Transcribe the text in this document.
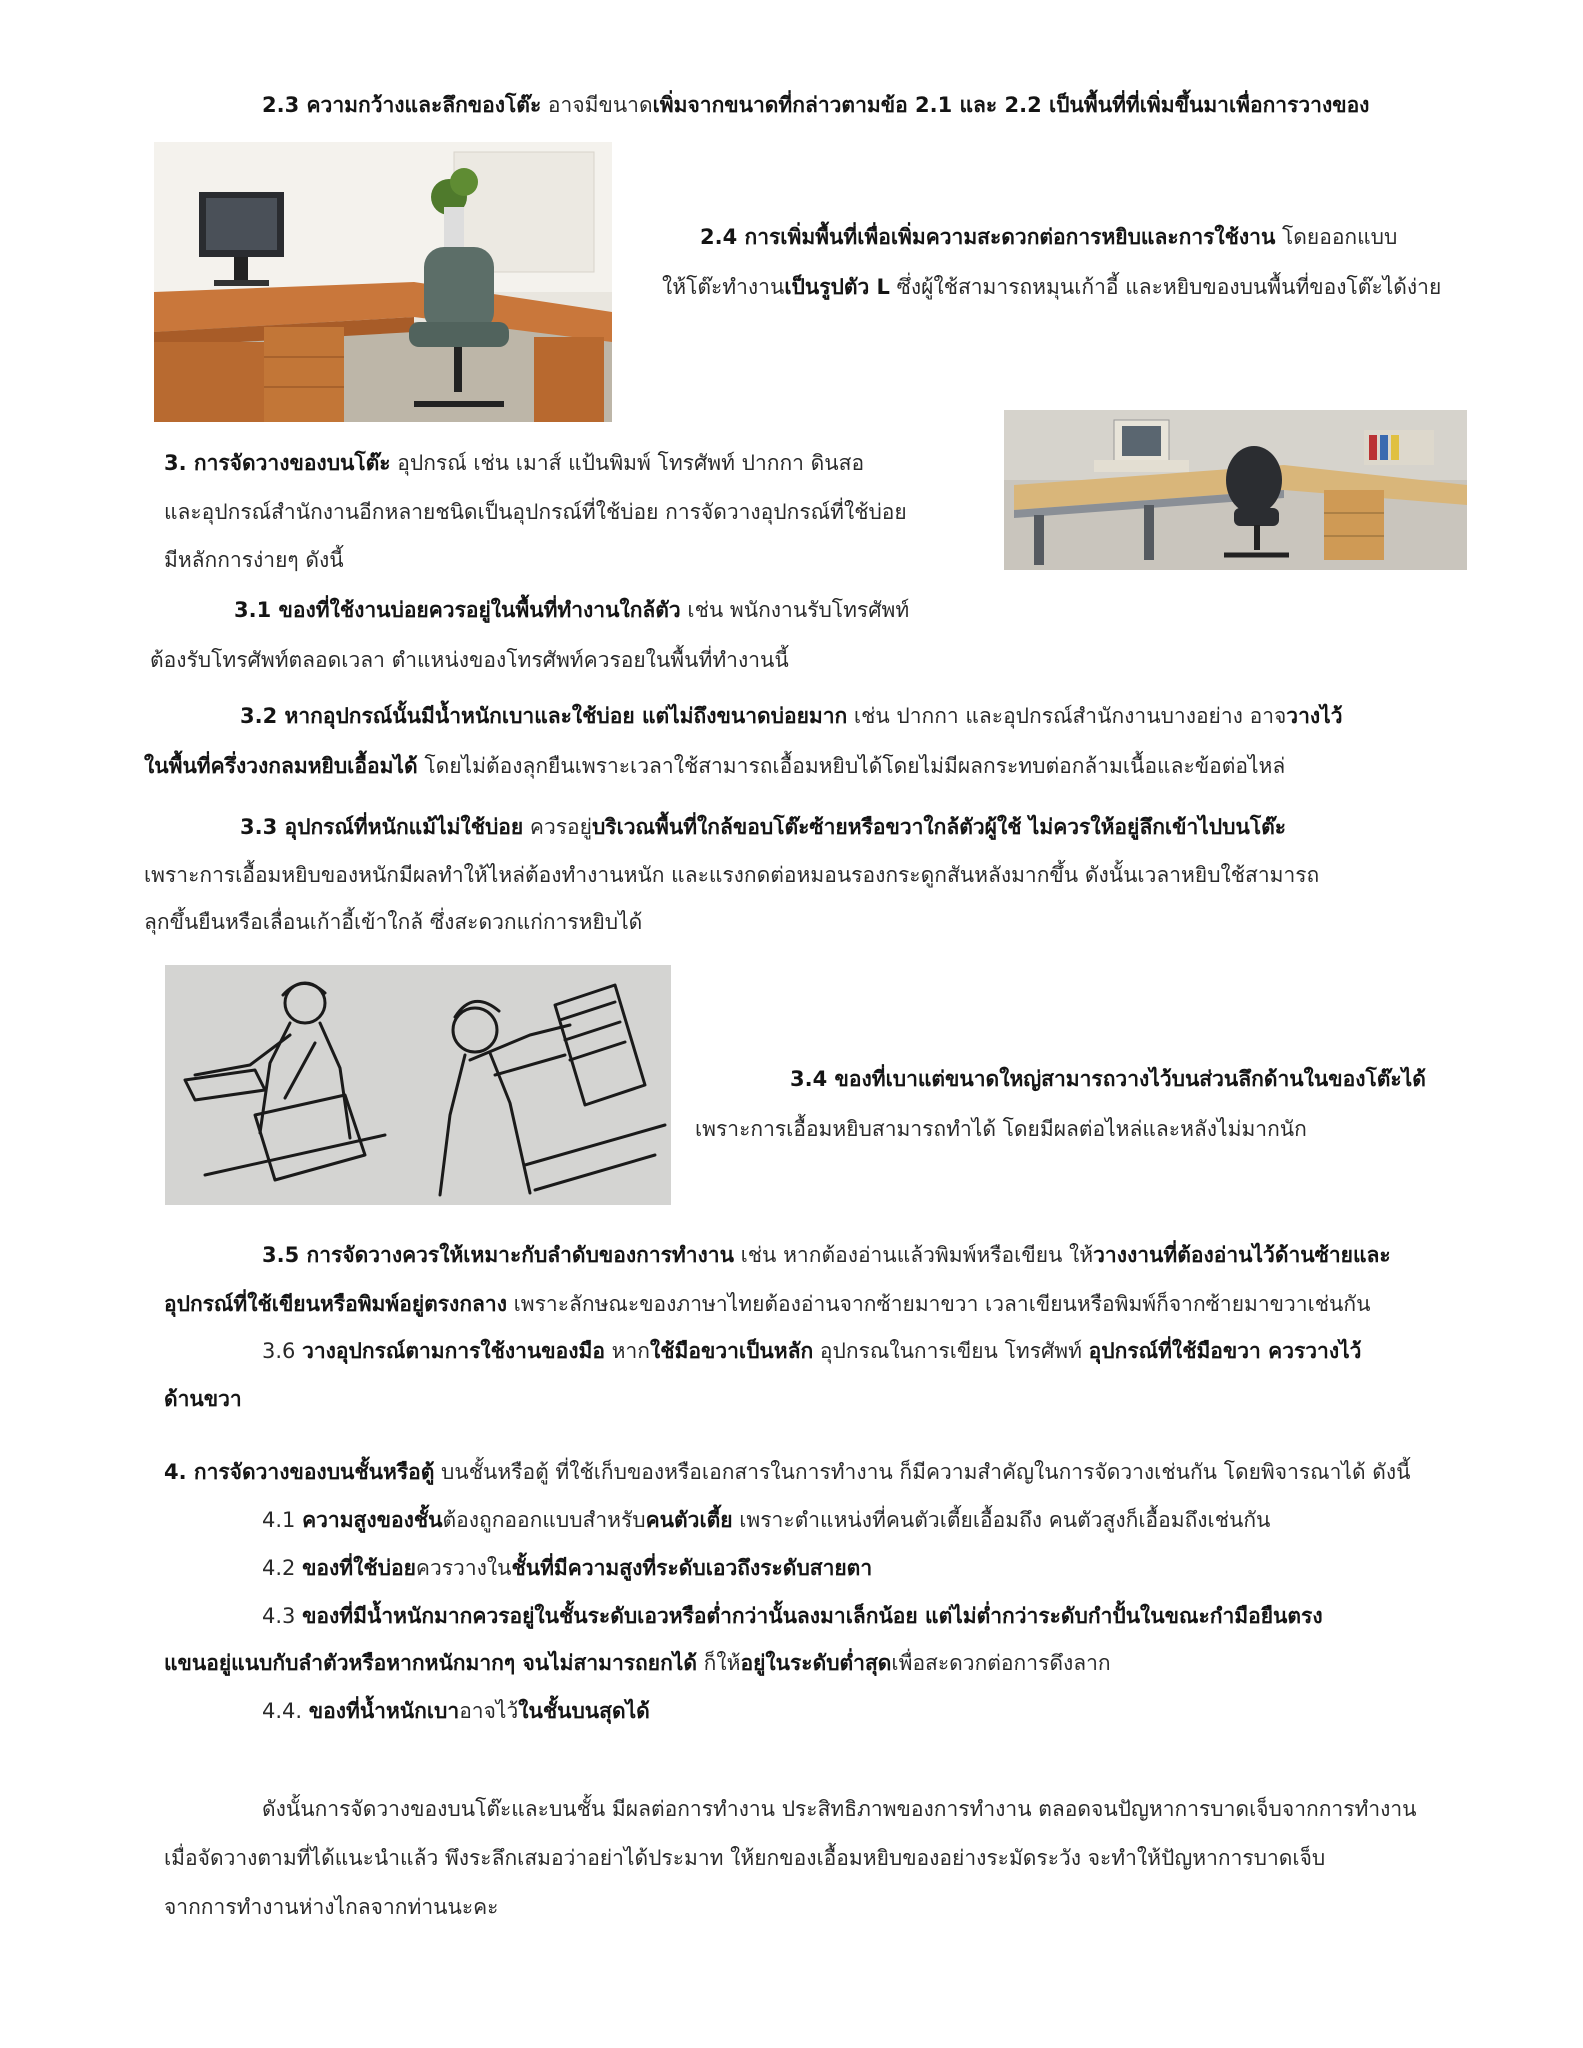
2.3 ความกว้างและลึกของโต๊ะ อาจมีขนาดเพิ่มจากขนาดที่กล่าวตามข้อ 2.1 และ 2.2 เป็นพื้นที่ที่เพิ่มขึ้นมาเพื่อการวางของ
2.4 การเพิ่มพื้นที่เพื่อเพิ่มความสะดวกต่อการหยิบและการใช้งาน โดยออกแบบ
ให้โต๊ะทำงานเป็นรูปตัว L ซึ่งผู้ใช้สามารถหมุนเก้าอี้ และหยิบของบนพื้นที่ของโต๊ะได้ง่าย
3. การจัดวางของบนโต๊ะ อุปกรณ์ เช่น เมาส์ แป้นพิมพ์ โทรศัพท์ ปากกา ดินสอ
และอุปกรณ์สำนักงานอีกหลายชนิดเป็นอุปกรณ์ที่ใช้บ่อย การจัดวางอุปกรณ์ที่ใช้บ่อย
มีหลักการง่ายๆ ดังนี้
3.1 ของที่ใช้งานบ่อยควรอยู่ในพื้นที่ทำงานใกล้ตัว เช่น พนักงานรับโทรศัพท์
ต้องรับโทรศัพท์ตลอดเวลา ตำแหน่งของโทรศัพท์ควรอยในพื้นที่ทำงานนี้
3.2 หากอุปกรณ์นั้นมีน้ำหนักเบาและใช้บ่อย แต่ไม่ถึงขนาดบ่อยมาก เช่น ปากกา และอุปกรณ์สำนักงานบางอย่าง อาจวางไว้
ในพื้นที่ครึ่งวงกลมหยิบเอื้อมได้ โดยไม่ต้องลุกยืนเพราะเวลาใช้สามารถเอื้อมหยิบได้โดยไม่มีผลกระทบต่อกล้ามเนื้อและข้อต่อไหล่
3.3 อุปกรณ์ที่หนักแม้ไม่ใช้บ่อย ควรอยู่บริเวณพื้นที่ใกล้ขอบโต๊ะซ้ายหรือขวาใกล้ตัวผู้ใช้ ไม่ควรให้อยู่ลึกเข้าไปบนโต๊ะ
เพราะการเอื้อมหยิบของหนักมีผลทำให้ไหล่ต้องทำงานหนัก และแรงกดต่อหมอนรองกระดูกสันหลังมากขึ้น ดังนั้นเวลาหยิบใช้สามารถ
ลุกขึ้นยืนหรือเลื่อนเก้าอี้เข้าใกล้ ซึ่งสะดวกแก่การหยิบได้
3.4 ของที่เบาแต่ขนาดใหญ่สามารถวางไว้บนส่วนลึกด้านในของโต๊ะได้
เพราะการเอื้อมหยิบสามารถทำได้ โดยมีผลต่อไหล่และหลังไม่มากนัก
3.5 การจัดวางควรให้เหมาะกับลำดับของการทำงาน เช่น หากต้องอ่านแล้วพิมพ์หรือเขียน ให้วางงานที่ต้องอ่านไว้ด้านซ้ายและ
อุปกรณ์ที่ใช้เขียนหรือพิมพ์อยู่ตรงกลาง เพราะลักษณะของภาษาไทยต้องอ่านจากซ้ายมาขวา เวลาเขียนหรือพิมพ์ก็จากซ้ายมาขวาเช่นกัน
3.6 วางอุปกรณ์ตามการใช้งานของมือ หากใช้มือขวาเป็นหลัก อุปกรณในการเขียน โทรศัพท์ อุปกรณ์ที่ใช้มือขวา ควรวางไว้
ด้านขวา
4. การจัดวางของบนชั้นหรือตู้ บนชั้นหรือตู้ ที่ใช้เก็บของหรือเอกสารในการทำงาน ก็มีความสำคัญในการจัดวางเช่นกัน โดยพิจารณาได้ ดังนี้
4.1 ความสูงของชั้นต้องถูกออกแบบสำหรับคนตัวเตี้ย เพราะตำแหน่งที่คนตัวเตี้ยเอื้อมถึง คนตัวสูงก็เอื้อมถึงเช่นกัน
4.2 ของที่ใช้บ่อยควรวางในชั้นที่มีความสูงที่ระดับเอวถึงระดับสายตา
4.3 ของที่มีน้ำหนักมากควรอยู่ในชั้นระดับเอวหรือต่ำกว่านั้นลงมาเล็กน้อย แต่ไม่ต่ำกว่าระดับกำปั้นในขณะกำมือยืนตรง
แขนอยู่แนบกับลำตัวหรือหากหนักมากๆ จนไม่สามารถยกได้ ก็ให้อยู่ในระดับต่ำสุดเพื่อสะดวกต่อการดึงลาก
4.4. ของที่น้ำหนักเบาอาจไว้ในชั้นบนสุดได้
ดังนั้นการจัดวางของบนโต๊ะและบนชั้น มีผลต่อการทำงาน ประสิทธิภาพของการทำงาน ตลอดจนปัญหาการบาดเจ็บจากการทำงาน
เมื่อจัดวางตามที่ได้แนะนำแล้ว พึงระลึกเสมอว่าอย่าได้ประมาท ให้ยกของเอื้อมหยิบของอย่างระมัดระวัง จะทำให้ปัญหาการบาดเจ็บ
จากการทำงานห่างไกลจากท่านนะคะ
